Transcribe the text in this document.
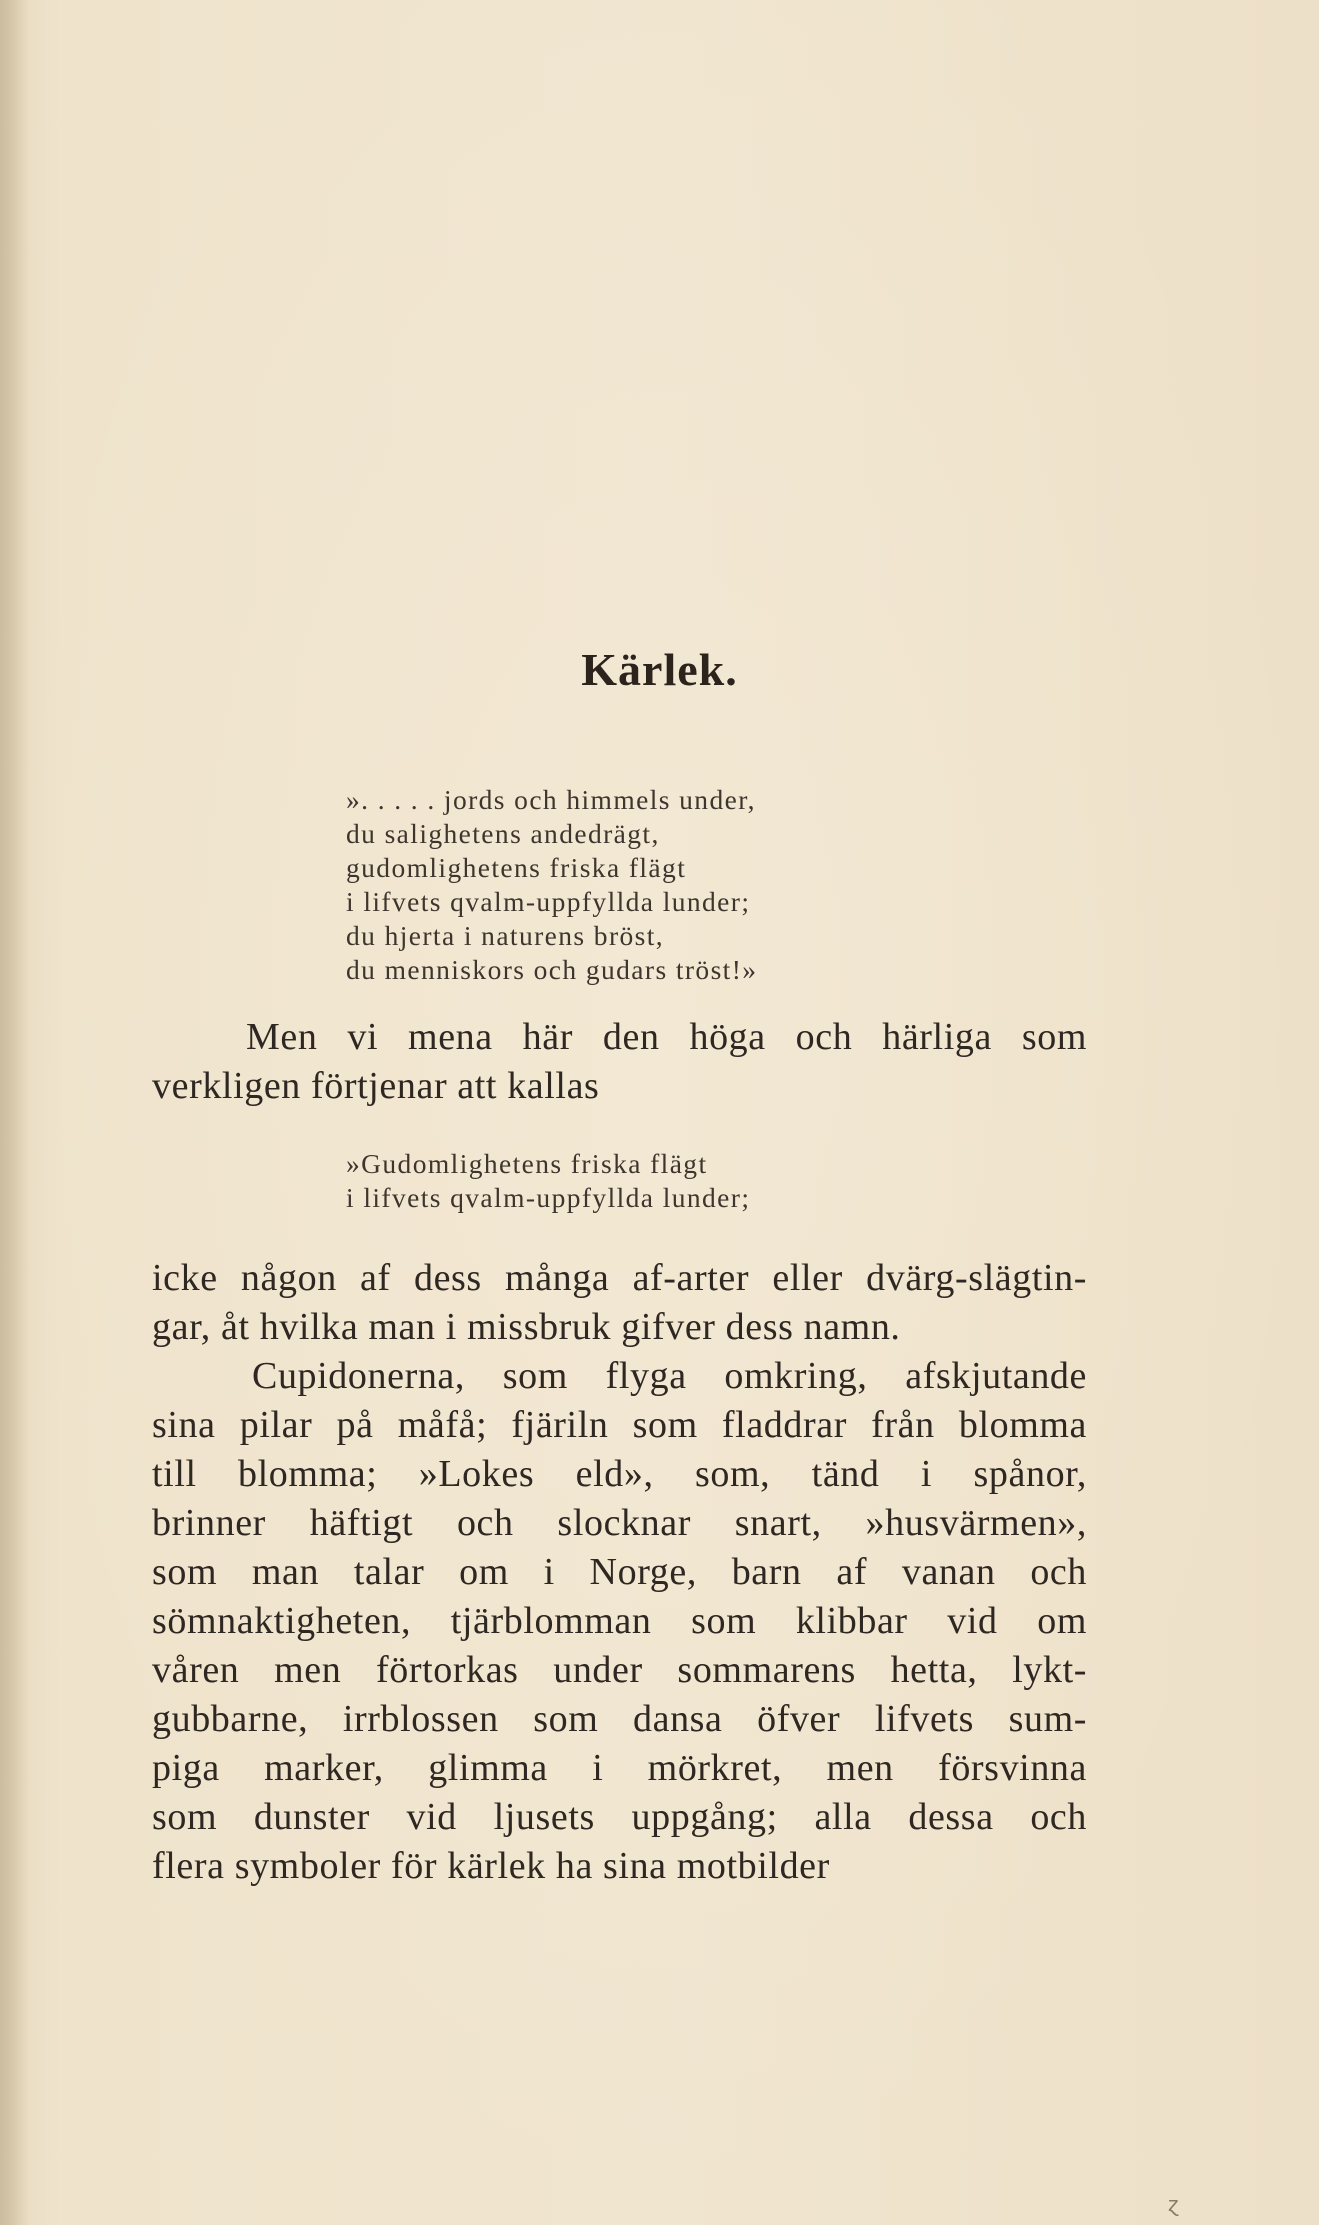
Kärlek.
». . . . . jords och himmels under,
du salighetens andedrägt,
gudomlighetens friska flägt
i lifvets qvalm-uppfyllda lunder;
du hjerta i naturens bröst,
du menniskors och gudars tröst!»
Men vi mena här den höga och härliga som
verkligen förtjenar att kallas
»Gudomlighetens friska flägt
i lifvets qvalm-uppfyllda lunder;
icke någon af dess många af-arter eller dvärg-slägtin-
gar, åt hvilka man i missbruk gifver dess namn.
Cupidonerna, som flyga omkring, afskjutande
sina pilar på måfå; fjäriln som fladdrar från blomma
till blomma; »Lokes eld», som, tänd i spånor,
brinner häftigt och slocknar snart, »husvärmen»,
som man talar om i Norge, barn af vanan och
sömnaktigheten, tjärblomman som klibbar vid om
våren men förtorkas under sommarens hetta, lykt-
gubbarne, irrblossen som dansa öfver lifvets sum-
piga marker, glimma i mörkret, men försvinna
som dunster vid ljusets uppgång; alla dessa och
flera symboler för kärlek ha sina motbilder
ɀ
